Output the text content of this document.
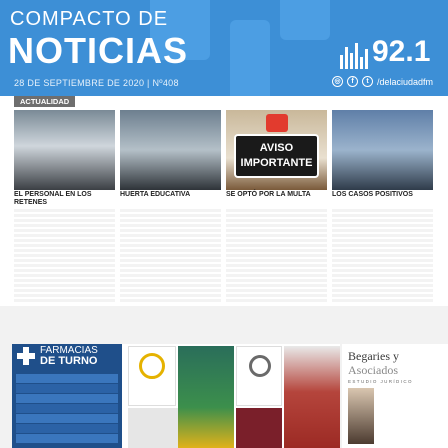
COMPACTO DE
NOTICIAS
28 DE SEPTIEMBRE DE 2020 | Nº408
92.1
◎	f	t /delaciudadfm
ACTUALIDAD
EL PERSONAL EN LOS RETENES
HUERTA EDUCATIVA
AVISO
IMPORTANTE
SE OPTÓ POR LA MULTA	LOS CASOS POSITIVOS
FARMACIAS
DE TURNO	Begaries y
Asociados
ESTUDIO JURÍDICO
